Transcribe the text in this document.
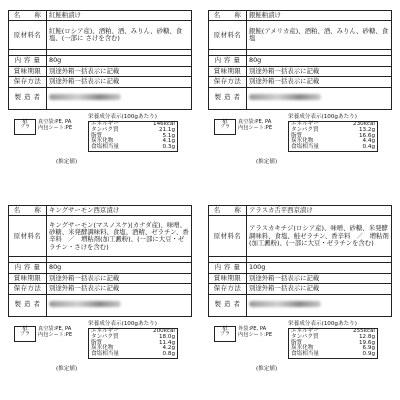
名　　称	紅鮭粕漬け
原材料名	紅鮭(ロシア産)、酒粕、酒、みりん、砂糖、食塩、(一部に さけを含む)

内 容 量	80g
賞味期限	別途外箱一括表示に記載
保存方法	別途外箱一括表示に記載
製 造 者	
紙
プラ
真空袋:PE, PA
内包シート:PE
栄養成分表示(100gあたり)
エネルギー	146kcal
タンパク質	21.1g
脂質	5.1g
炭水化物	4.1g
食塩相当量	0.3g
(推定値)
名　　称	銀鮭粕漬け
原材料名	銀鮭(アメリカ産)、酒粕、酒、みりん、砂糖、食塩

内 容 量	80g
賞味期限	別途外箱一括表示に記載
保存方法	別途外箱一括表示に記載
製 造 者	
紙
プラ
真空袋:PE, PA
内包シート:PE
栄養成分表示(100gあたり)
エネルギー	230kcal
タンパク質	13.2g
脂質	16.6g
炭水化物	4.4g
食塩相当量	0.4g
(推定値)
名　　称	キングサーモン西京漬け
原材料名	キングサーモン(マスノスケ)(カナダ産)、味噌、砂糖、米発酵調味料、食塩、酒精、ゼラチン、香辛料　／　増粘剤(加工澱粉)、(一部に大豆・ゼラチン・さけを含む)

内 容 量	80g
賞味期限	別途外箱一括表示に記載
保存方法	別途外箱一括表示に記載
製 造 者	
紙
プラ
真空袋:PE, PA
内包シート:PE
栄養成分表示(100gあたり)
エネルギー	200kcal
タンパク質	18.0g
脂質	11.4g
炭水化物	4.2g
食塩相当量	0.8g
(推定値)
名　　称	アラスカ舌平西京漬け
原材料名	アラスカキチジ(ロシア産)、味噌、砂糖、米発酵調味料、食塩、鮭ゼラチン、香辛料　／　増粘剤(加工澱粉)、(一部に大豆・ゼラチンを含む)

内 容 量	100g
賞味期限	別途外箱一括表示に記載
保存方法	別途外箱一括表示に記載
製 造 者	
紙
プラ
外袋:PE, PA
内包シート:PE
栄養成分表示(100gあたり)
エネルギー	255kcal
タンパク質	12.8g
脂質	19.6g
炭水化物	6.9g
食塩相当量	0.9g
(推定値)
